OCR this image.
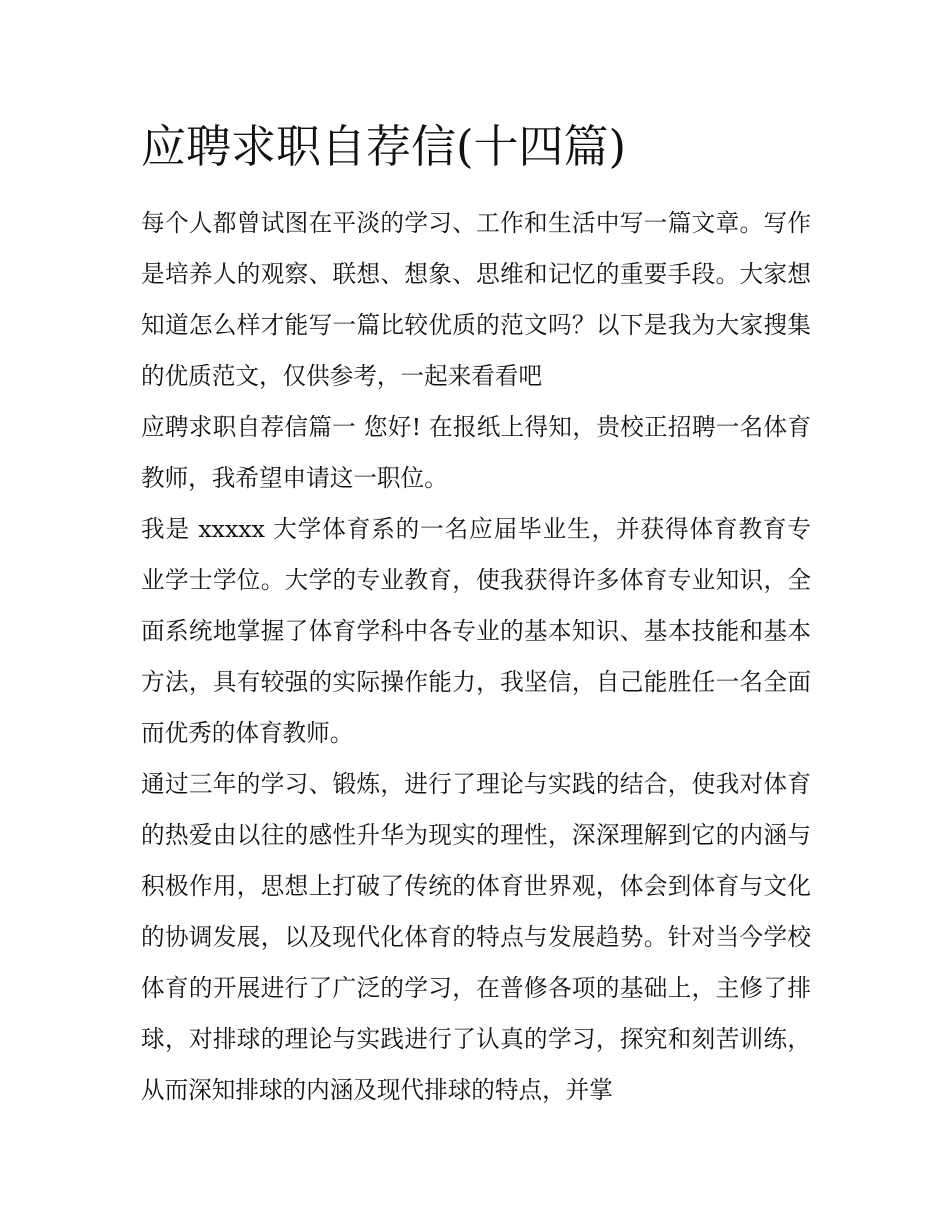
应聘求职自荐信(十四篇)

每个人都曾试图在平淡的学习、工作和生活中写一篇文章。写作是培养人的观察、联想、想象、思维和记忆的重要手段。大家想知道怎么样才能写一篇比较优质的范文吗？以下是我为大家搜集的优质范文，仅供参考，一起来看看吧

应聘求职自荐信篇一 您好! 在报纸上得知，贵校正招聘一名体育教师，我希望申请这一职位。

我是 xxxxx 大学体育系的一名应届毕业生，并获得体育教育专业学士学位。大学的专业教育，使我获得许多体育专业知识，全面系统地掌握了体育学科中各专业的基本知识、基本技能和基本方法，具有较强的实际操作能力，我坚信，自己能胜任一名全面而优秀的体育教师。

通过三年的学习、锻炼，进行了理论与实践的结合，使我对体育的热爱由以往的感性升华为现实的理性，深深理解到它的内涵与积极作用，思想上打破了传统的体育世界观，体会到体育与文化的协调发展，以及现代化体育的特点与发展趋势。针对当今学校体育的开展进行了广泛的学习，在普修各项的基础上，主修了排球，对排球的理论与实践进行了认真的学习，探究和刻苦训练，从而深知排球的内涵及现代排球的特点，并掌
